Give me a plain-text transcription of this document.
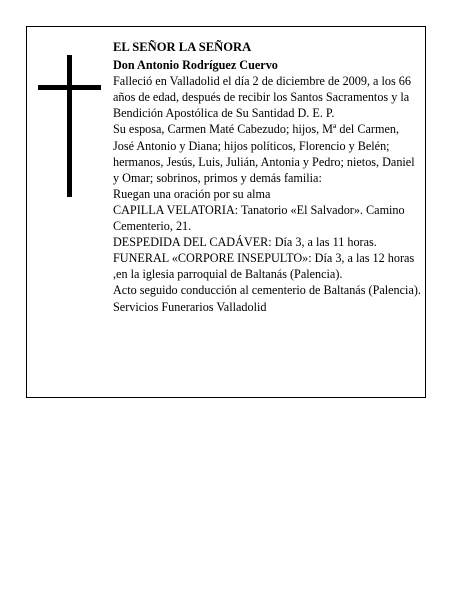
EL SEÑOR LA SEÑORA

Don Antonio Rodríguez Cuervo

Falleció en Valladolid el día 2 de diciembre de 2009, a los 66 años de edad, después de recibir los Santos Sacramentos y la Bendición Apostólica de Su Santidad D. E. P.

Su esposa, Carmen Maté Cabezudo; hijos, Mª del Carmen, José Antonio y Diana; hijos políticos, Florencio y Belén; hermanos, Jesús, Luis, Julián, Antonia y Pedro; nietos, Daniel y Omar; sobrinos, primos y demás familia:

Ruegan una oración por su alma

CAPILLA VELATORIA: Tanatorio «El Salvador». Camino Cementerio, 21.

DESPEDIDA DEL CADÁVER: Día 3, a las 11 horas.

FUNERAL «CORPORE INSEPULTO»: Día 3, a las 12 horas ,en la iglesia parroquial de Baltanás (Palencia).

Acto seguido conducción al cementerio de Baltanás (Palencia).

Servicios Funerarios Valladolid
